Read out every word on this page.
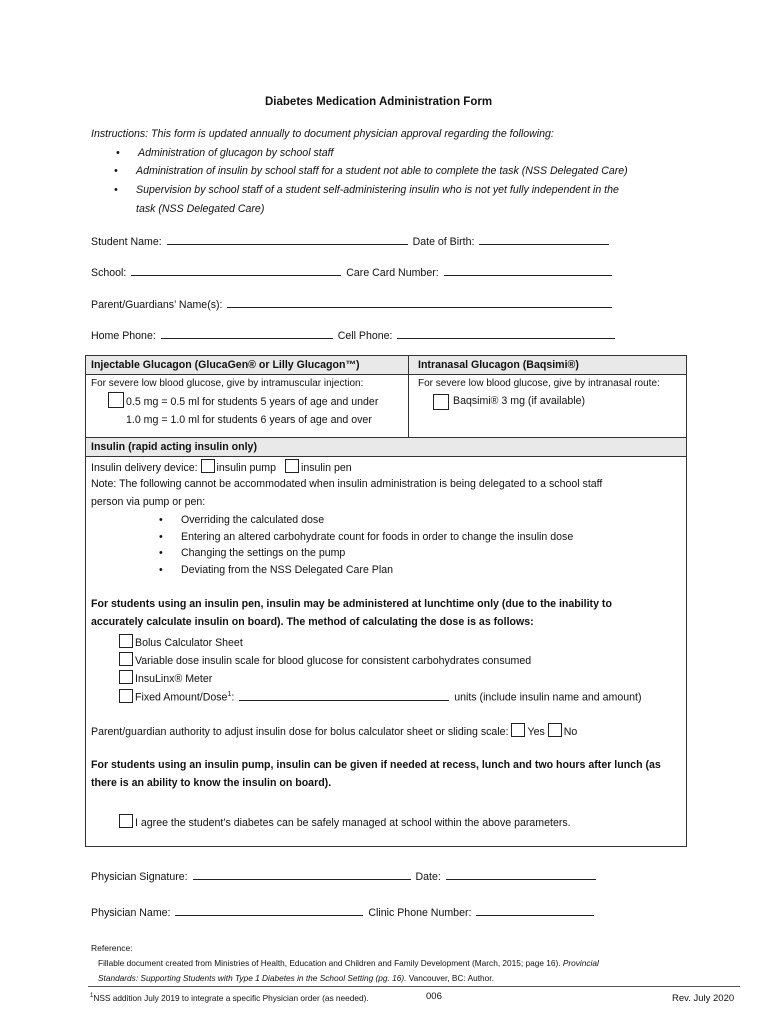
Diabetes Medication Administration Form
Instructions: This form is updated annually to document physician approval regarding the following:
• Administration of glucagon by school staff
• Administration of insulin by school staff for a student not able to complete the task (NSS Delegated Care)
• Supervision by school staff of a student self-administering insulin who is not yet fully independent in the
task (NSS Delegated Care)
Student Name:	Date of Birth:
School:	Care Card Number:
Parent/Guardians’ Name(s):
Home Phone:	Cell Phone:
Injectable Glucagon (GlucaGen® or Lilly Glucagon™)	Intranasal Glucagon (Baqsimi®)
For severe low blood glucose, give by intramuscular injection:	For severe low blood glucose, give by intranasal route:
0.5 mg = 0.5 ml for students 5 years of age and under
1.0 mg = 1.0 ml for students 6 years of age and over
Baqsimi® 3 mg (if available)
Insulin (rapid acting insulin only)
Insulin delivery device: insulin pump insulin pen
Note: The following cannot be accommodated when insulin administration is being delegated to a school staff
person via pump or pen:
• Overriding the calculated dose
• Entering an altered carbohydrate count for foods in order to change the insulin dose
• Changing the settings on the pump
• Deviating from the NSS Delegated Care Plan
For students using an insulin pen, insulin may be administered at lunchtime only (due to the inability to
accurately calculate insulin on board). The method of calculating the dose is as follows:
Bolus Calculator Sheet
Variable dose insulin scale for blood glucose for consistent carbohydrates consumed
InsuLinx® Meter
Fixed Amount/Dose$^1$:	units (include insulin name and amount)
Parent/guardian authority to adjust insulin dose for bolus calculator sheet or sliding scale: Yes No
For students using an insulin pump, insulin can be given if needed at recess, lunch and two hours after lunch (as
there is an ability to know the insulin on board).
I agree the student’s diabetes can be safely managed at school within the above parameters.
Physician Signature:	Date:
Physician Name:	Clinic Phone Number:
Reference:
Fillable document created from Ministries of Health, Education and Children and Family Development (March, 2015; page 16). Provincial
Standards: Supporting Students with Type 1 Diabetes in the School Setting (pg. 16). Vancouver, BC: Author.
$^1$NSS addition July 2019 to integrate a specific Physician order (as needed).	006	Rev. July 2020
